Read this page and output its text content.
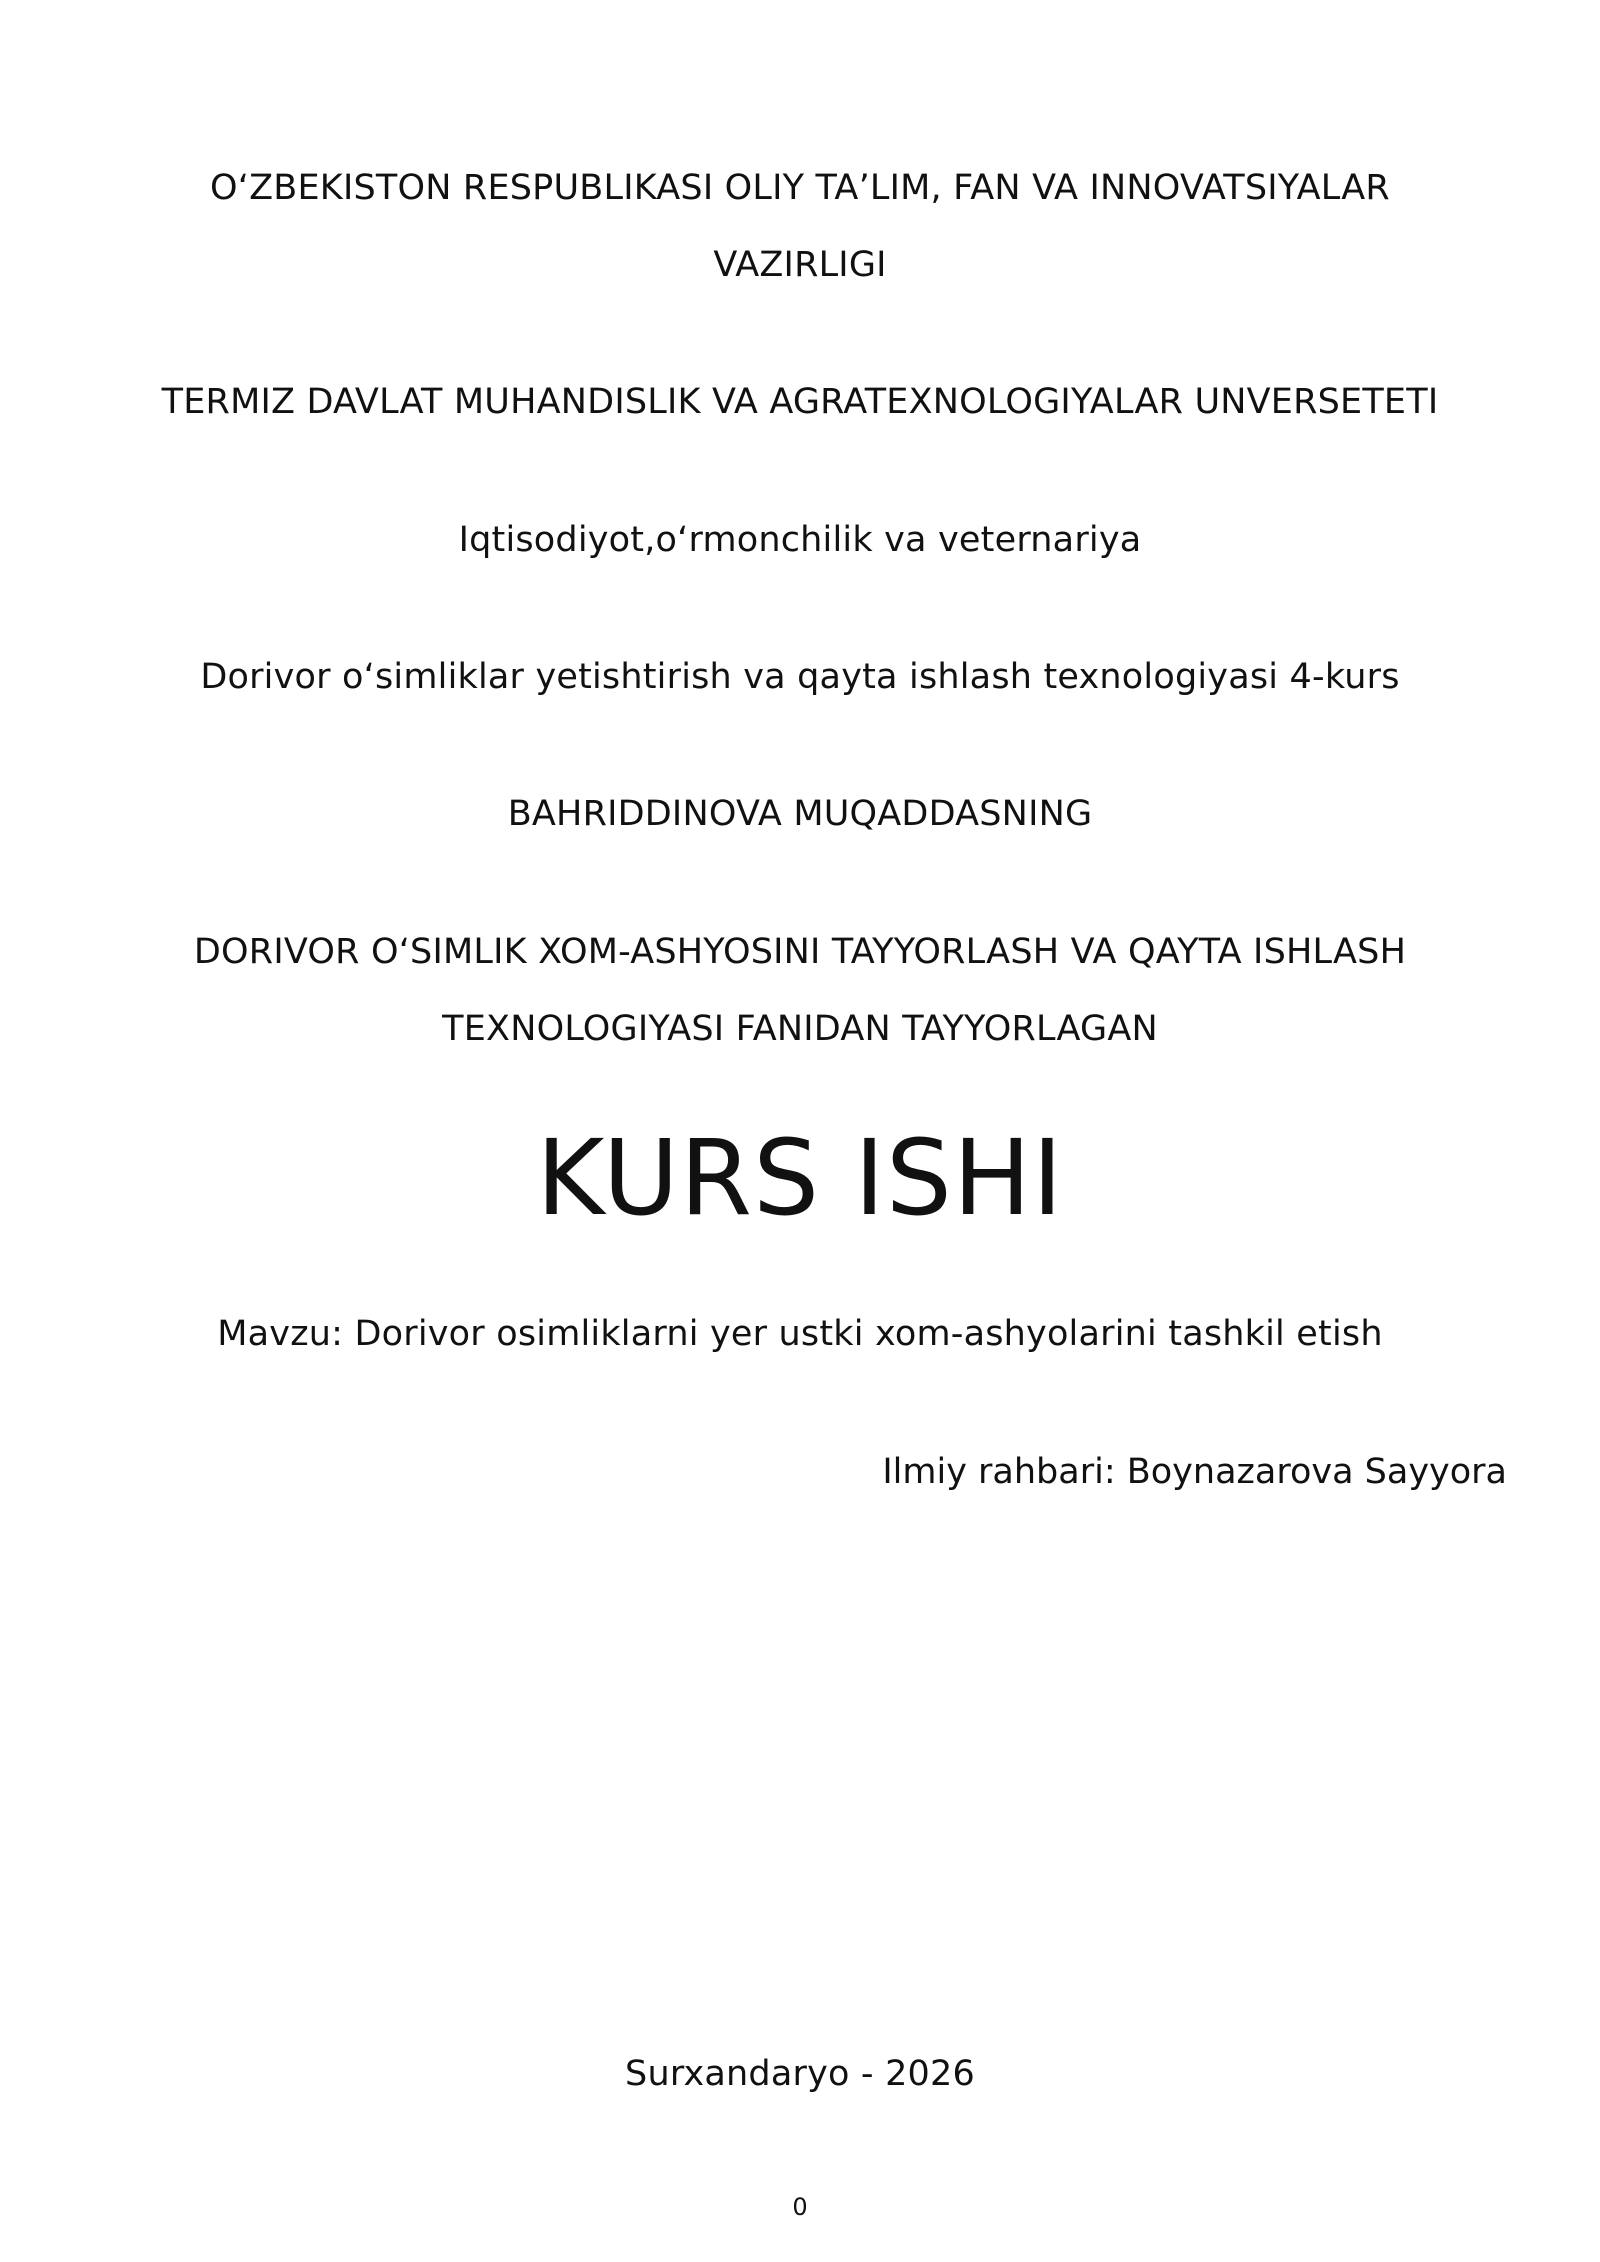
O‘ZBEKISTON RESPUBLIKASI OLIY TA’LIM, FAN VA INNOVATSIYALAR
VAZIRLIGI
TERMIZ DAVLAT MUHANDISLIK VA AGRATEXNOLOGIYALAR UNVERSETETI
Iqtisodiyot,o‘rmonchilik va veternariya
Dorivor o‘simliklar yetishtirish va qayta ishlash texnologiyasi 4-kurs
BAHRIDDINOVA MUQADDASNING
DORIVOR O‘SIMLIK XOM-ASHYOSINI TAYYORLASH VA QAYTA ISHLASH
TEXNOLOGIYASI FANIDAN TAYYORLAGAN
KURS ISHI
Mavzu: Dorivor osimliklarni yer ustki xom-ashyolarini tashkil etish
Ilmiy rahbari: Boynazarova Sayyora
Surxandaryo - 2026
0
